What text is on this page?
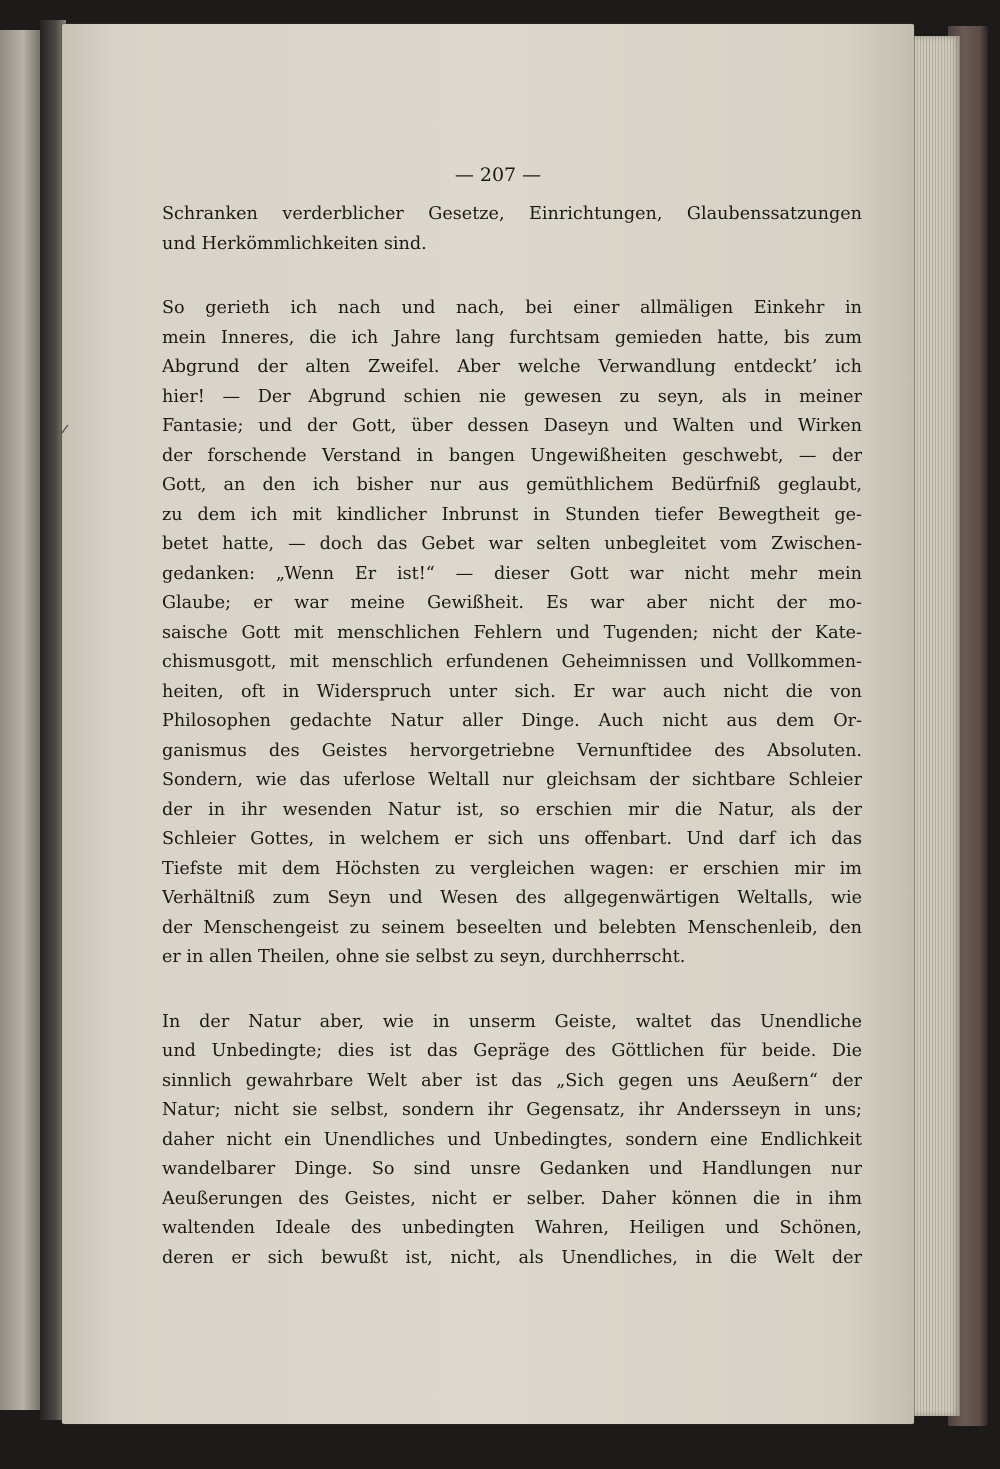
— 207 —
Schranken verderblicher Gesetze, Einrichtungen, Glaubenssatzungen
und Herkömmlichkeiten sind.
So gerieth ich nach und nach, bei einer allmäligen Einkehr in
mein Inneres, die ich Jahre lang furchtsam gemieden hatte, bis zum
Abgrund der alten Zweifel. Aber welche Verwandlung entdeckt’ ich
hier! — Der Abgrund schien nie gewesen zu seyn, als in meiner
Fantasie; und der Gott, über dessen Daseyn und Walten und Wirken
der forschende Verstand in bangen Ungewißheiten geschwebt, — der
Gott, an den ich bisher nur aus gemüthlichem Bedürfniß geglaubt,
zu dem ich mit kindlicher Inbrunst in Stunden tiefer Bewegtheit ge-
betet hatte, — doch das Gebet war selten unbegleitet vom Zwischen-
gedanken: „Wenn Er ist!“ — dieser Gott war nicht mehr mein
Glaube; er war meine Gewißheit. Es war aber nicht der mo-
saische Gott mit menschlichen Fehlern und Tugenden; nicht der Kate-
chismusgott, mit menschlich erfundenen Geheimnissen und Vollkommen-
heiten, oft in Widerspruch unter sich. Er war auch nicht die von
Philosophen gedachte Natur aller Dinge. Auch nicht aus dem Or-
ganismus des Geistes hervorgetriebne Vernunftidee des Absoluten.
Sondern, wie das uferlose Weltall nur gleichsam der sichtbare Schleier
der in ihr wesenden Natur ist, so erschien mir die Natur, als der
Schleier Gottes, in welchem er sich uns offenbart. Und darf ich das
Tiefste mit dem Höchsten zu vergleichen wagen: er erschien mir im
Verhältniß zum Seyn und Wesen des allgegenwärtigen Weltalls, wie
der Menschengeist zu seinem beseelten und belebten Menschenleib, den
er in allen Theilen, ohne sie selbst zu seyn, durchherrscht.
In der Natur aber, wie in unserm Geiste, waltet das Unendliche
und Unbedingte; dies ist das Gepräge des Göttlichen für beide. Die
sinnlich gewahrbare Welt aber ist das „Sich gegen uns Aeußern“ der
Natur; nicht sie selbst, sondern ihr Gegensatz, ihr Andersseyn in uns;
daher nicht ein Unendliches und Unbedingtes, sondern eine Endlichkeit
wandelbarer Dinge. So sind unsre Gedanken und Handlungen nur
Aeußerungen des Geistes, nicht er selber. Daher können die in ihm
waltenden Ideale des unbedingten Wahren, Heiligen und Schönen,
deren er sich bewußt ist, nicht, als Unendliches, in die Welt der
✓
